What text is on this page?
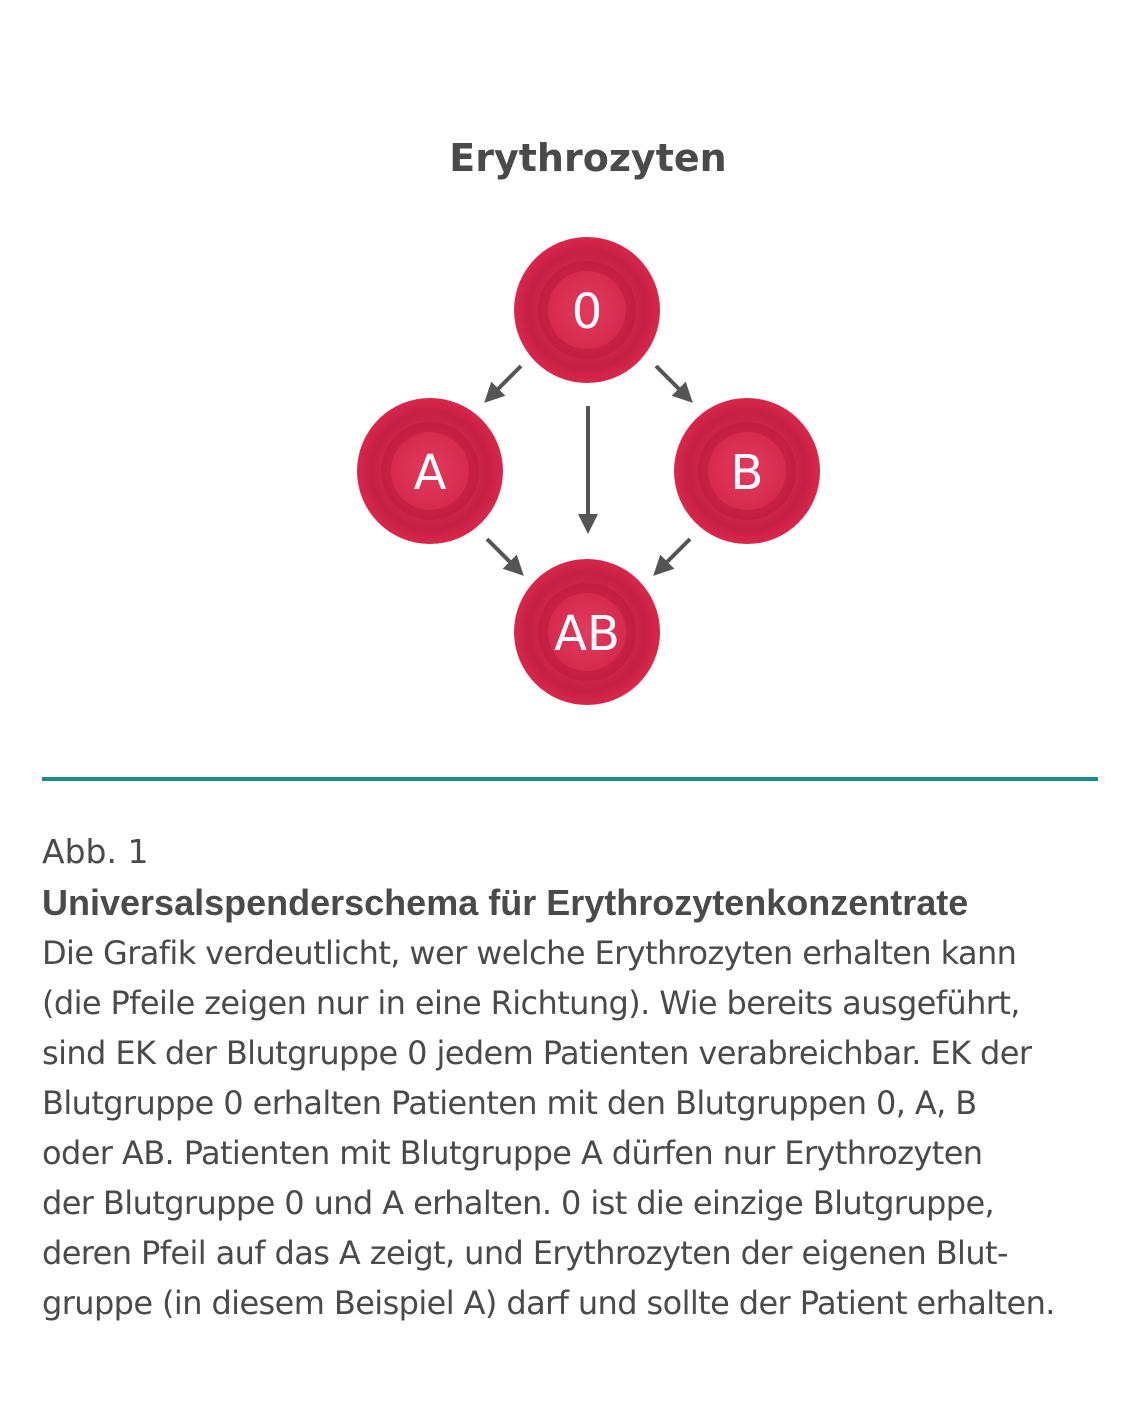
Erythrozyten
0
A	B
AB

Abb. 1

Universalspenderschema für Erythrozytenkonzentrate

Die Grafik verdeutlicht, wer welche Erythrozyten erhalten kann

(die Pfeile zeigen nur in eine Richtung). Wie bereits ausgeführt,

sind EK der Blutgruppe 0 jedem Patienten verabreichbar. EK der

Blutgruppe 0 erhalten Patienten mit den Blutgruppen 0, A, B

oder AB. Patienten mit Blutgruppe A dürfen nur Erythrozyten

der Blutgruppe 0 und A erhalten. 0 ist die einzige Blutgruppe,

deren Pfeil auf das A zeigt, und Erythrozyten der eigenen Blut-

gruppe (in diesem Beispiel A) darf und sollte der Patient erhalten.
